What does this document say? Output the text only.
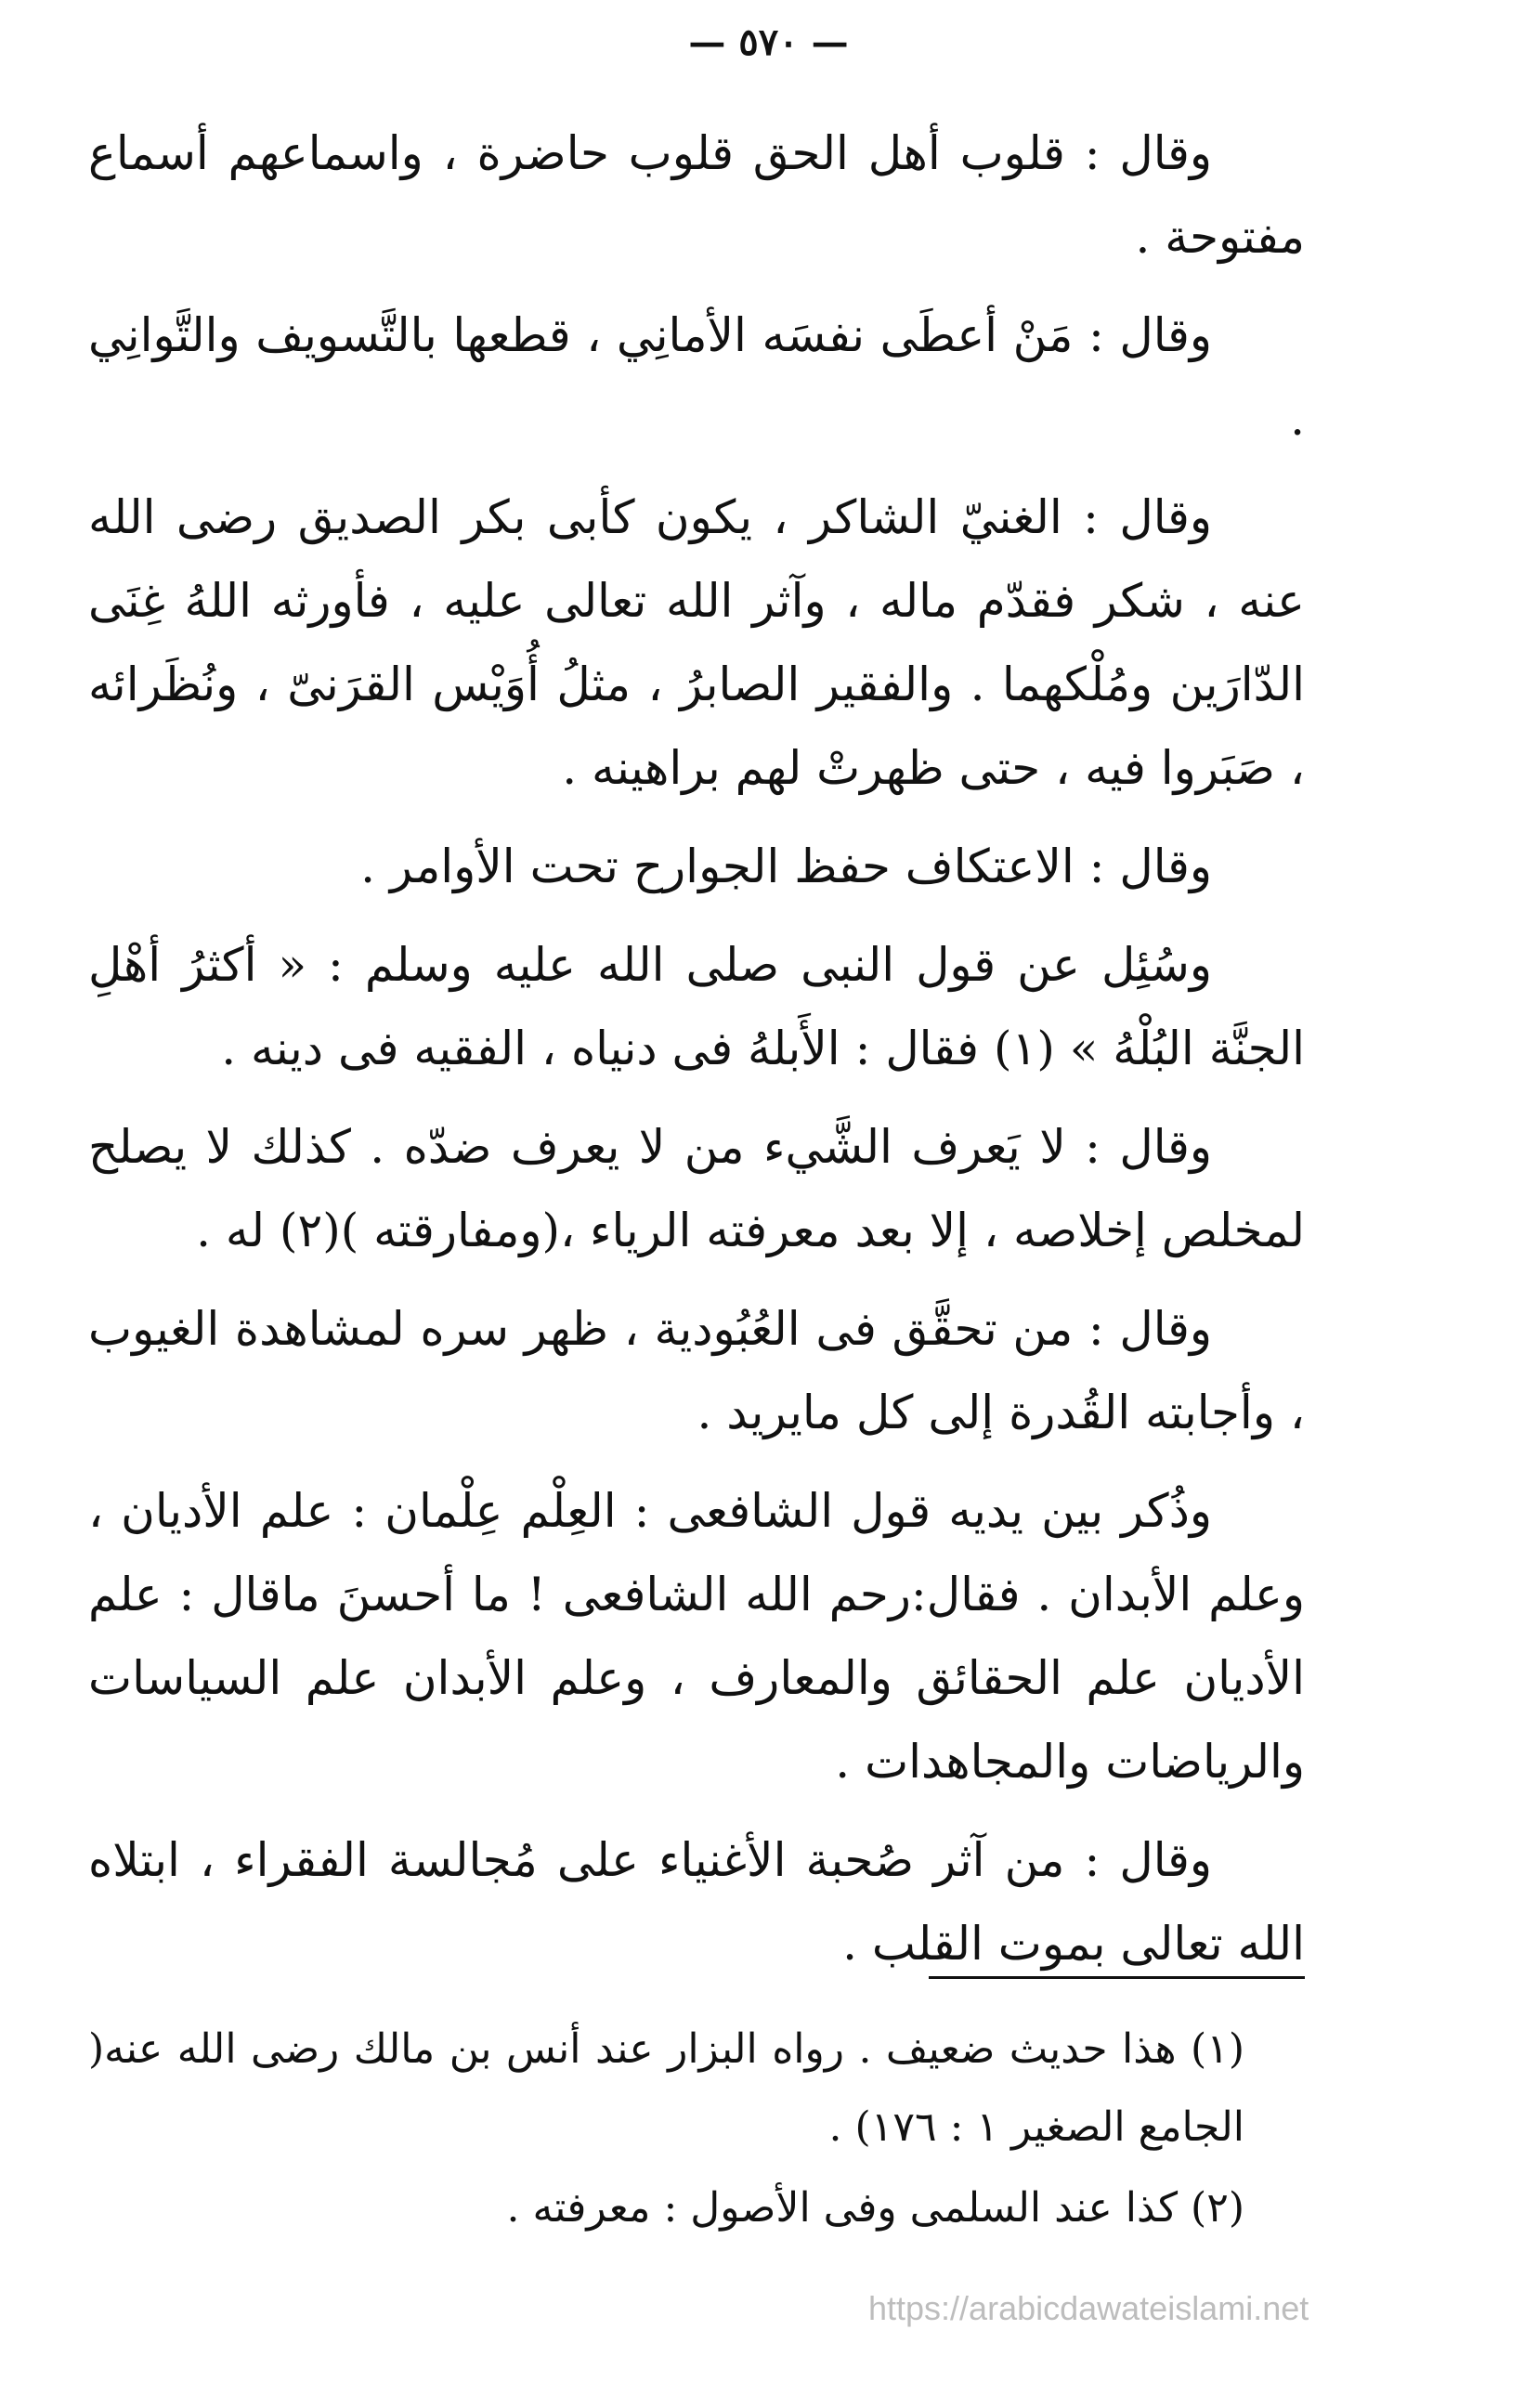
— ٥٧٠ —

وقال : قلوب أهل الحق قلوب حاضرة ، واسماعهم أسماع مفتوحة .

وقال : مَنْ أعطَى نفسَه الأمانِي ، قطعها بالتَّسويف والتَّوانِي .

وقال : الغنيّ الشاكر ، يكون كأبى بكر الصديق رضى الله عنه ، شكر فقدّم ماله ، وآثر الله تعالى عليه ، فأورثه اللهُ غِنَى الدّارَين ومُلْكهما . والفقير الصابرُ ، مثلُ أُوَيْس القرَنىّ ، ونُظَرائه ، صَبَروا فيه ، حتى ظهرتْ لهم براهينه .

وقال : الاعتكاف حفظ الجوارح تحت الأوامر .

وسُئِل عن قول النبى صلى الله عليه وسلم : « أكثرُ أهْلِ الجنَّة البُلْهُ » (١) فقال : الأَبلهُ فى دنياه ، الفقيه فى دينه .

وقال : لا يَعرف الشَّيء من لا يعرف ضدّه . كذلك لا يصلح لمخلص إخلاصه ، إلا بعد معرفته الرياء ،(ومفارقته )(٢) له .

وقال : من تحقَّق فى العُبُودية ، ظهر سره لمشاهدة الغيوب ، وأجابته القُدرة إلى كل مايريد .

وذُكر بين يديه قول الشافعى : العِلْم عِلْمان : علم الأديان ، وعلم الأبدان . فقال:رحم الله الشافعى ! ما أحسنَ ماقال : علم الأديان علم الحقائق والمعارف ، وعلم الأبدان علم السياسات والرياضات والمجاهدات .

وقال : من آثر صُحبة الأغنياء على مُجالسة الفقراء ، ابتلاه الله تعالى بموت القلب .

(١) هذا حديث ضعيف . رواه البزار عند أنس بن مالك رضى الله عنه( الجامع الصغير ١ : ١٧٦) .

(٢) كذا عند السلمى وفى الأصول : معرفته .

https://arabicdawateislami.net
